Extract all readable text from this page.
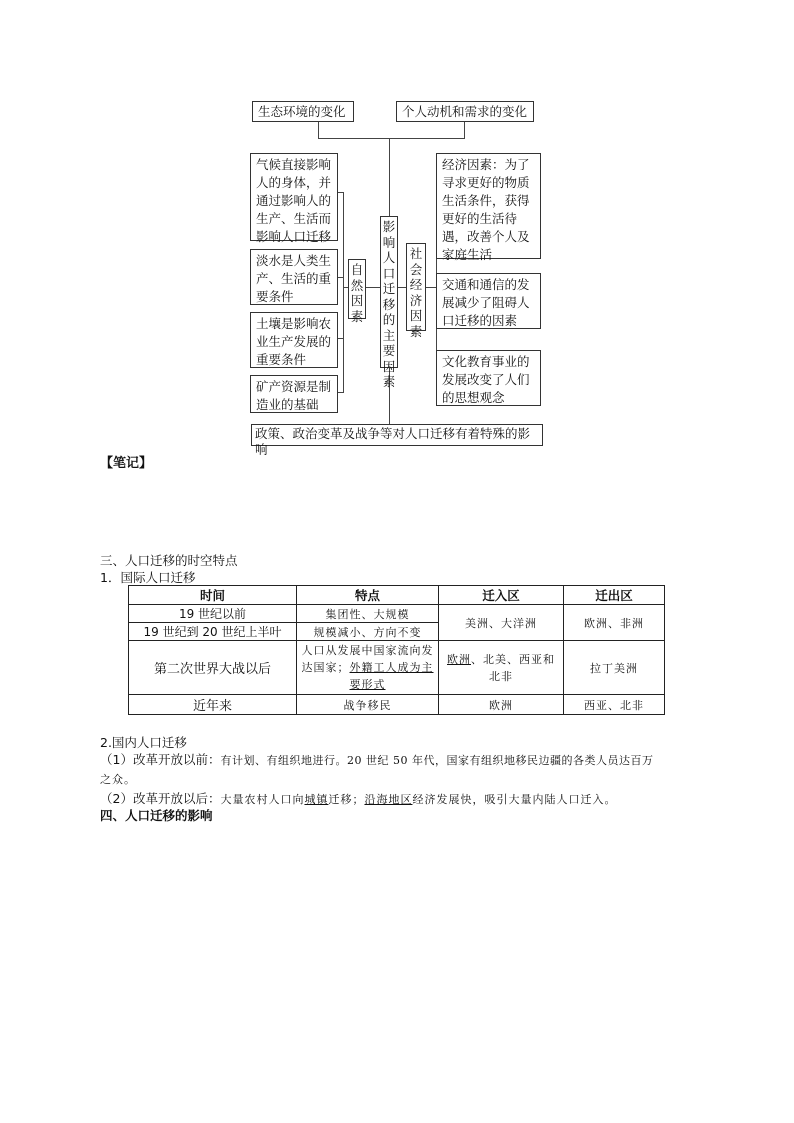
生态环境的变化	个人动机和需求的变化
影响人口迁移的主要因素
自然因素
社会经济因素
气候直接影响人的身体，并通过影响人的生产、生活而影响人口迁移
淡水是人类生产、生活的重要条件
土壤是影响农业生产发展的重要条件
矿产资源是制造业的基础
经济因素：为了寻求更好的物质生活条件，获得更好的生活待遇，改善个人及家庭生活
交通和通信的发展减少了阻碍人口迁移的因素
文化教育事业的发展改变了人们的思想观念
政策、政治变革及战争等对人口迁移有着特殊的影响
【笔记】
三、人口迁移的时空特点
1．国际人口迁移
时间	特点	迁入区	迁出区
19 世纪以前	集团性、大规模	美洲、大洋洲	欧洲、非洲
19 世纪到 20 世纪上半叶	规模减小、方向不变		
第二次世界大战以后	人口从发展中国家流向发达国家；外籍工人成为主要形式	欧洲、北美、西亚和北非	拉丁美洲
近年来	战争移民	欧洲	西亚、北非
2.国内人口迁移
（1）改革开放以前：有计划、有组织地进行。20 世纪 50 年代，国家有组织地移民边疆的各类人员达百万
之众。
（2）改革开放以后：大量农村人口向城镇迁移；沿海地区经济发展快，吸引大量内陆人口迁入。
四、人口迁移的影响
